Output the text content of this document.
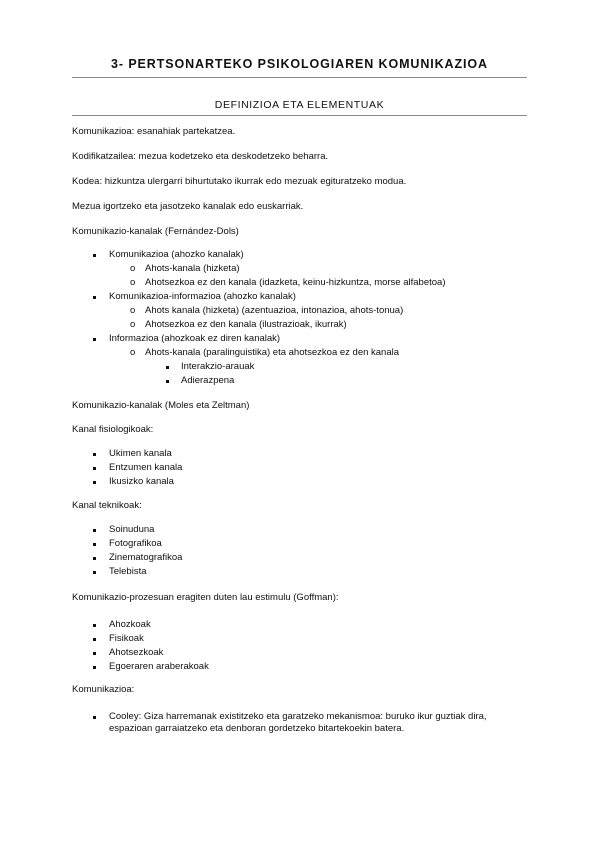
3- PERTSONARTEKO PSIKOLOGIAREN KOMUNIKAZIOA
DEFINIZIOA ETA ELEMENTUAK
Komunikazioa: esanahiak partekatzea.
Kodifikatzailea: mezua kodetzeko eta deskodetzeko beharra.
Kodea: hizkuntza ulergarri bihurtutako ikurrak edo mezuak egituratzeko modua.
Mezua igortzeko eta jasotzeko kanalak edo euskarriak.
Komunikazio-kanalak (Fernández-Dols)
Komunikazioa (ahozko kanalak)
o Ahots-kanala (hizketa)
o Ahotsezkoa ez den kanala (idazketa, keinu-hizkuntza, morse alfabetoa)
Komunikazioa-informazioa (ahozko kanalak)
o Ahots kanala (hizketa) (azentuazioa, intonazioa, ahots-tonua)
o Ahotsezkoa ez den kanala (ilustrazioak, ikurrak)
Informazioa (ahozkoak ez diren kanalak)
o Ahots-kanala (paralinguistika) eta ahotsezkoa ez den kanala
Interakzio-arauak
Adierazpena
Komunikazio-kanalak (Moles eta Zeltman)
Kanal fisiologikoak:
Ukimen kanala
Entzumen kanala
Ikusizko kanala
Kanal teknikoak:
Soinuduna
Fotografikoa
Zinematografikoa
Telebista
Komunikazio-prozesuan eragiten duten lau estimulu (Goffman):
Ahozkoak
Fisikoak
Ahotsezkoak
Egoeraren araberakoak
Komunikazioa:
Cooley: Giza harremanak existitzeko eta garatzeko mekanismoa: buruko ikur guztiak dira,
espazioan garraiatzeko eta denboran gordetzeko bitartekoekin batera.
